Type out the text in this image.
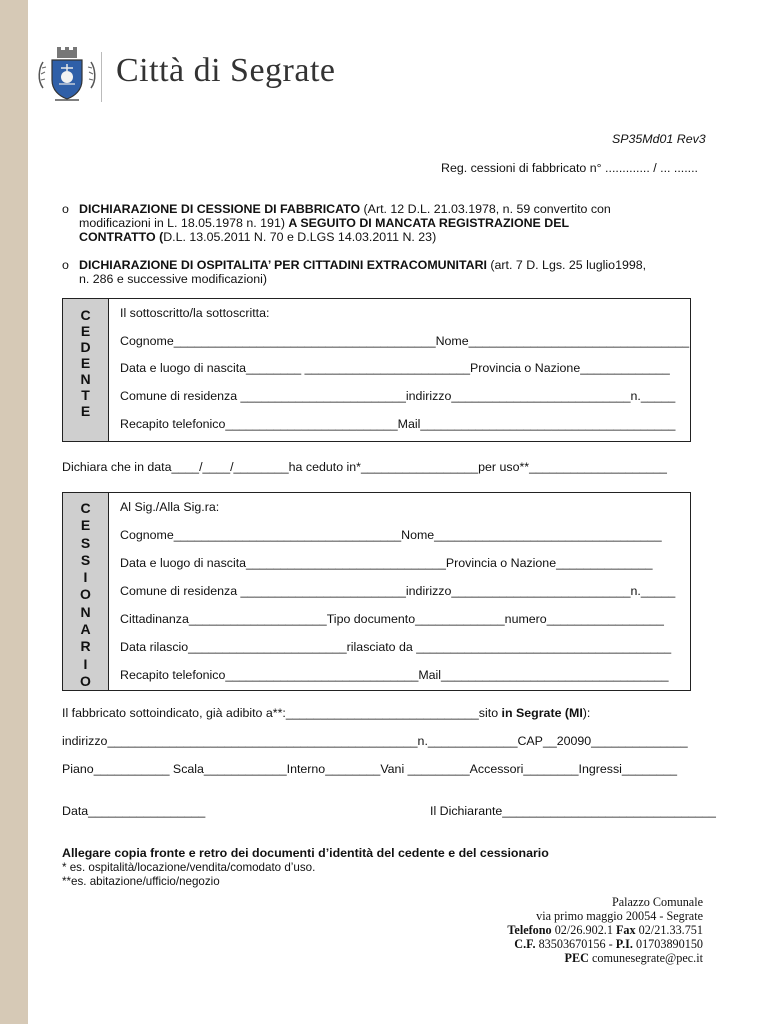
Città di Segrate
SP35Md01 Rev3
Reg. cessioni di fabbricato n° ............. / ... .......
o DICHIARAZIONE DI CESSIONE DI FABBRICATO (Art. 12 D.L. 21.03.1978, n. 59 convertito con
modificazioni in L. 18.05.1978 n. 191) A SEGUITO DI MANCATA REGISTRAZIONE DEL
CONTRATTO (D.L. 13.05.2011 N. 70 e D.LGS 14.03.2011 N. 23)
o DICHIARAZIONE DI OSPITALITA’ PER CITTADINI EXTRACOMUNITARI (art. 7 D. Lgs. 25 luglio1998,
n. 286 e successive modificazioni)
C
E
D
E
N
T
E
Il sottoscritto/la sottoscritta:
Cognome______________________________________Nome________________________________
Data e luogo di nascita________ ________________________Provincia o Nazione_____________
Comune di residenza ________________________indirizzo__________________________n._____
Recapito telefonico_________________________Mail_____________________________________
Dichiara che in data____/____/________ha ceduto in*_________________per uso**____________________
C
E
S
S
I
O
N
A
R
I
O
Al Sig./Alla Sig.ra:
Cognome_________________________________Nome_________________________________
Data e luogo di nascita_____________________________Provincia o Nazione______________
Comune di residenza ________________________indirizzo__________________________n._____
Cittadinanza____________________Tipo documento_____________numero_________________
Data rilascio_______________________rilasciato da _____________________________________
Recapito telefonico____________________________Mail_________________________________
Il fabbricato sottoindicato, già adibito a**:____________________________sito in Segrate (MI):
indirizzo_____________________________________________n._____________CAP__20090______________
Piano___________ Scala____________Interno________Vani _________Accessori________Ingressi________
Data_________________	Il Dichiarante_______________________________
Allegare copia fronte e retro dei documenti d’identità del cedente e del cessionario
* es. ospitalità/locazione/vendita/comodato d’uso.
**es. abitazione/ufficio/negozio
Palazzo Comunale
via primo maggio 20054 - Segrate
Telefono 02/26.902.1 Fax 02/21.33.751
C.F. 83503670156 - P.I. 01703890150
PEC comunesegrate@pec.it
